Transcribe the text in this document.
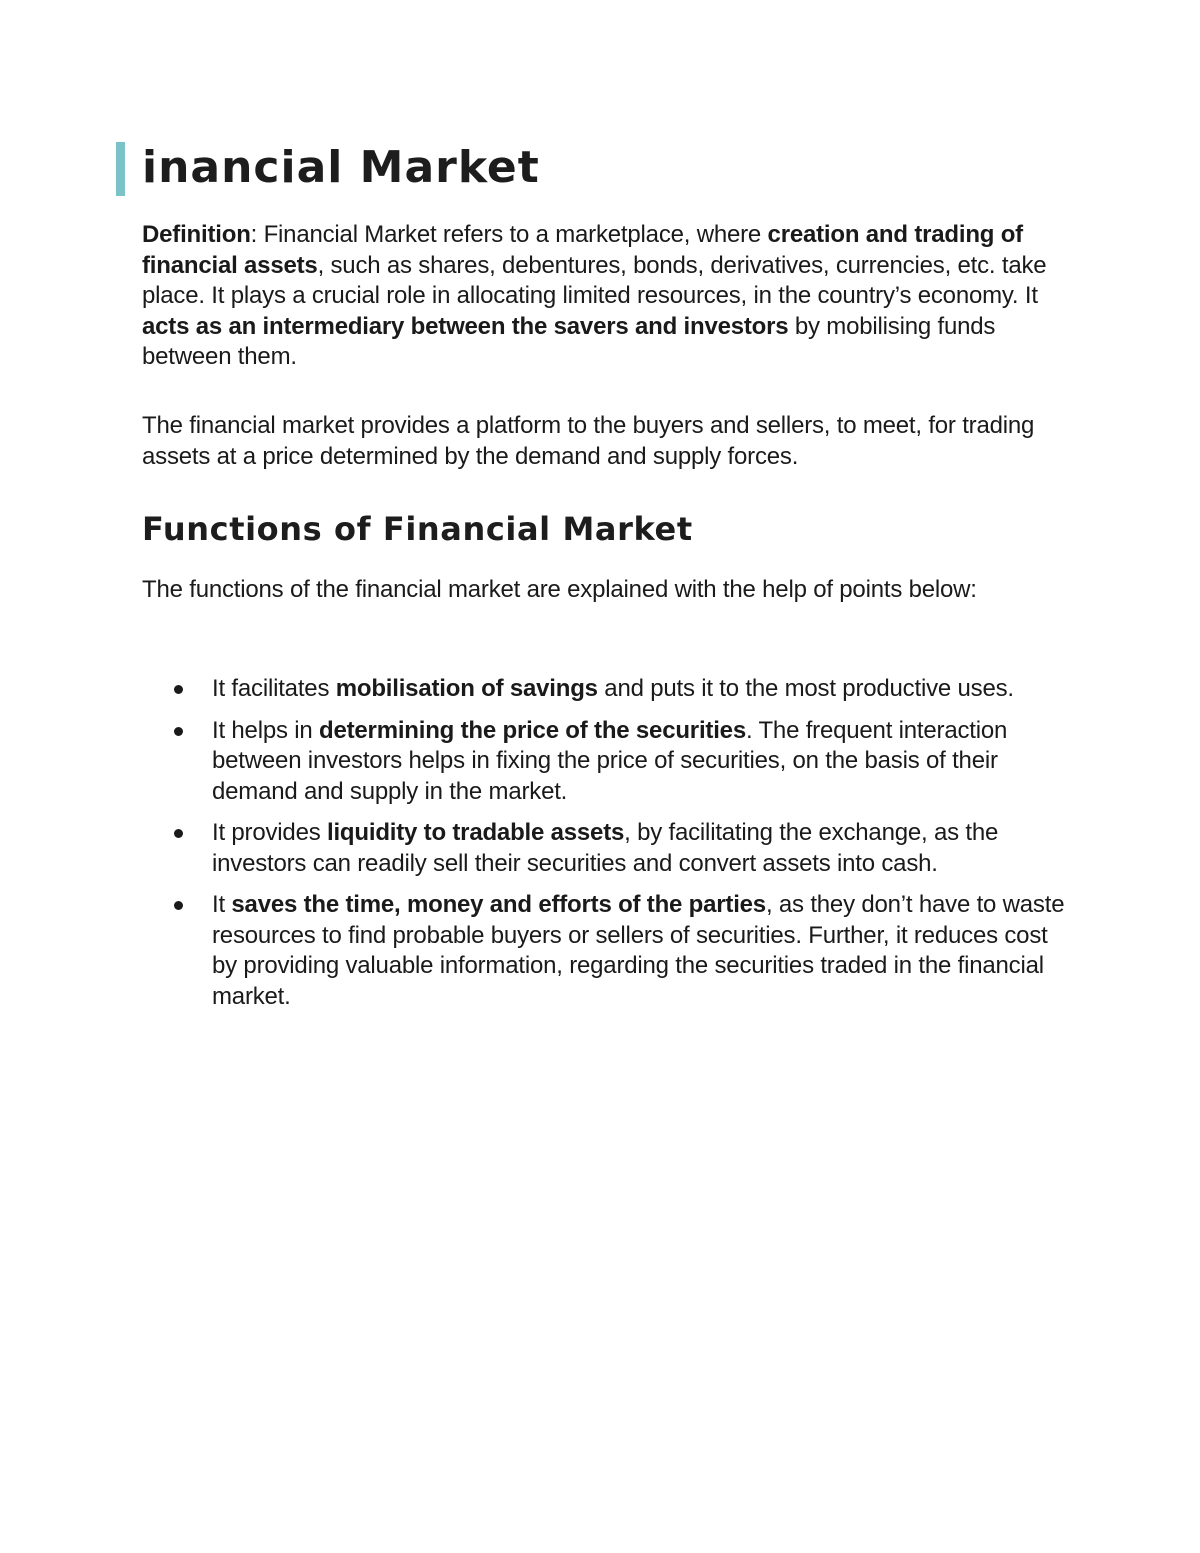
inancial Market

Definition: Financial Market refers to a marketplace, where creation and trading of financial assets, such as shares, debentures, bonds, derivatives, currencies, etc. take place. It plays a crucial role in allocating limited resources, in the country’s economy. It acts as an intermediary between the savers and investors by mobilising funds between them.

The financial market provides a platform to the buyers and sellers, to meet, for trading assets at a price determined by the demand and supply forces.

Functions of Financial Market

The functions of the financial market are explained with the help of points below:

It facilitates mobilisation of savings and puts it to the most productive uses.
It helps in determining the price of the securities. The frequent interaction between investors helps in fixing the price of securities, on the basis of their demand and supply in the market.
It provides liquidity to tradable assets, by facilitating the exchange, as the investors can readily sell their securities and convert assets into cash.
It saves the time, money and efforts of the parties, as they don’t have to waste resources to find probable buyers or sellers of securities. Further, it reduces cost by providing valuable information, regarding the securities traded in the financial market.
